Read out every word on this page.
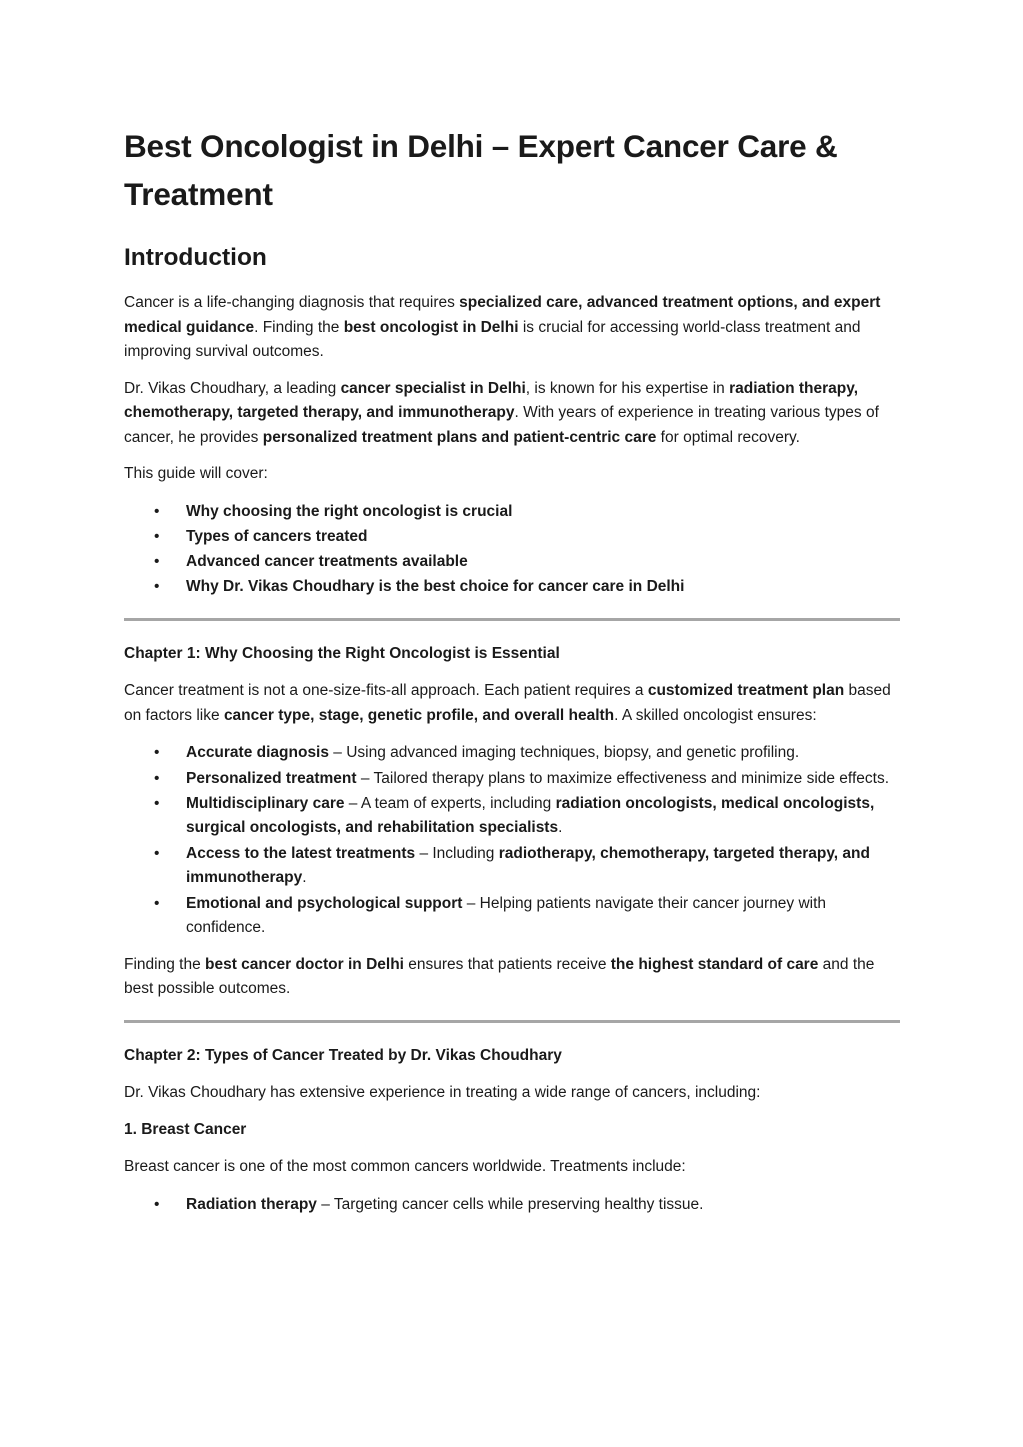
Best Oncologist in Delhi – Expert Cancer Care & Treatment
Introduction

Cancer is a life-changing diagnosis that requires specialized care, advanced treatment options, and expert medical guidance. Finding the best oncologist in Delhi is crucial for accessing world-class treatment and improving survival outcomes.

Dr. Vikas Choudhary, a leading cancer specialist in Delhi, is known for his expertise in radiation therapy, chemotherapy, targeted therapy, and immunotherapy. With years of experience in treating various types of cancer, he provides personalized treatment plans and patient-centric care for optimal recovery.

This guide will cover:

• Why choosing the right oncologist is crucial
• Types of cancers treated
• Advanced cancer treatments available
• Why Dr. Vikas Choudhary is the best choice for cancer care in Delhi

Chapter 1: Why Choosing the Right Oncologist is Essential

Cancer treatment is not a one-size-fits-all approach. Each patient requires a customized treatment plan based on factors like cancer type, stage, genetic profile, and overall health. A skilled oncologist ensures:

• Accurate diagnosis – Using advanced imaging techniques, biopsy, and genetic profiling.
• Personalized treatment – Tailored therapy plans to maximize effectiveness and minimize side effects.
• Multidisciplinary care – A team of experts, including radiation oncologists, medical oncologists, surgical oncologists, and rehabilitation specialists.
• Access to the latest treatments – Including radiotherapy, chemotherapy, targeted therapy, and immunotherapy.
• Emotional and psychological support – Helping patients navigate their cancer journey with confidence.

Finding the best cancer doctor in Delhi ensures that patients receive the highest standard of care and the best possible outcomes.

Chapter 2: Types of Cancer Treated by Dr. Vikas Choudhary

Dr. Vikas Choudhary has extensive experience in treating a wide range of cancers, including:

1. Breast Cancer

Breast cancer is one of the most common cancers worldwide. Treatments include:

• Radiation therapy – Targeting cancer cells while preserving healthy tissue.
